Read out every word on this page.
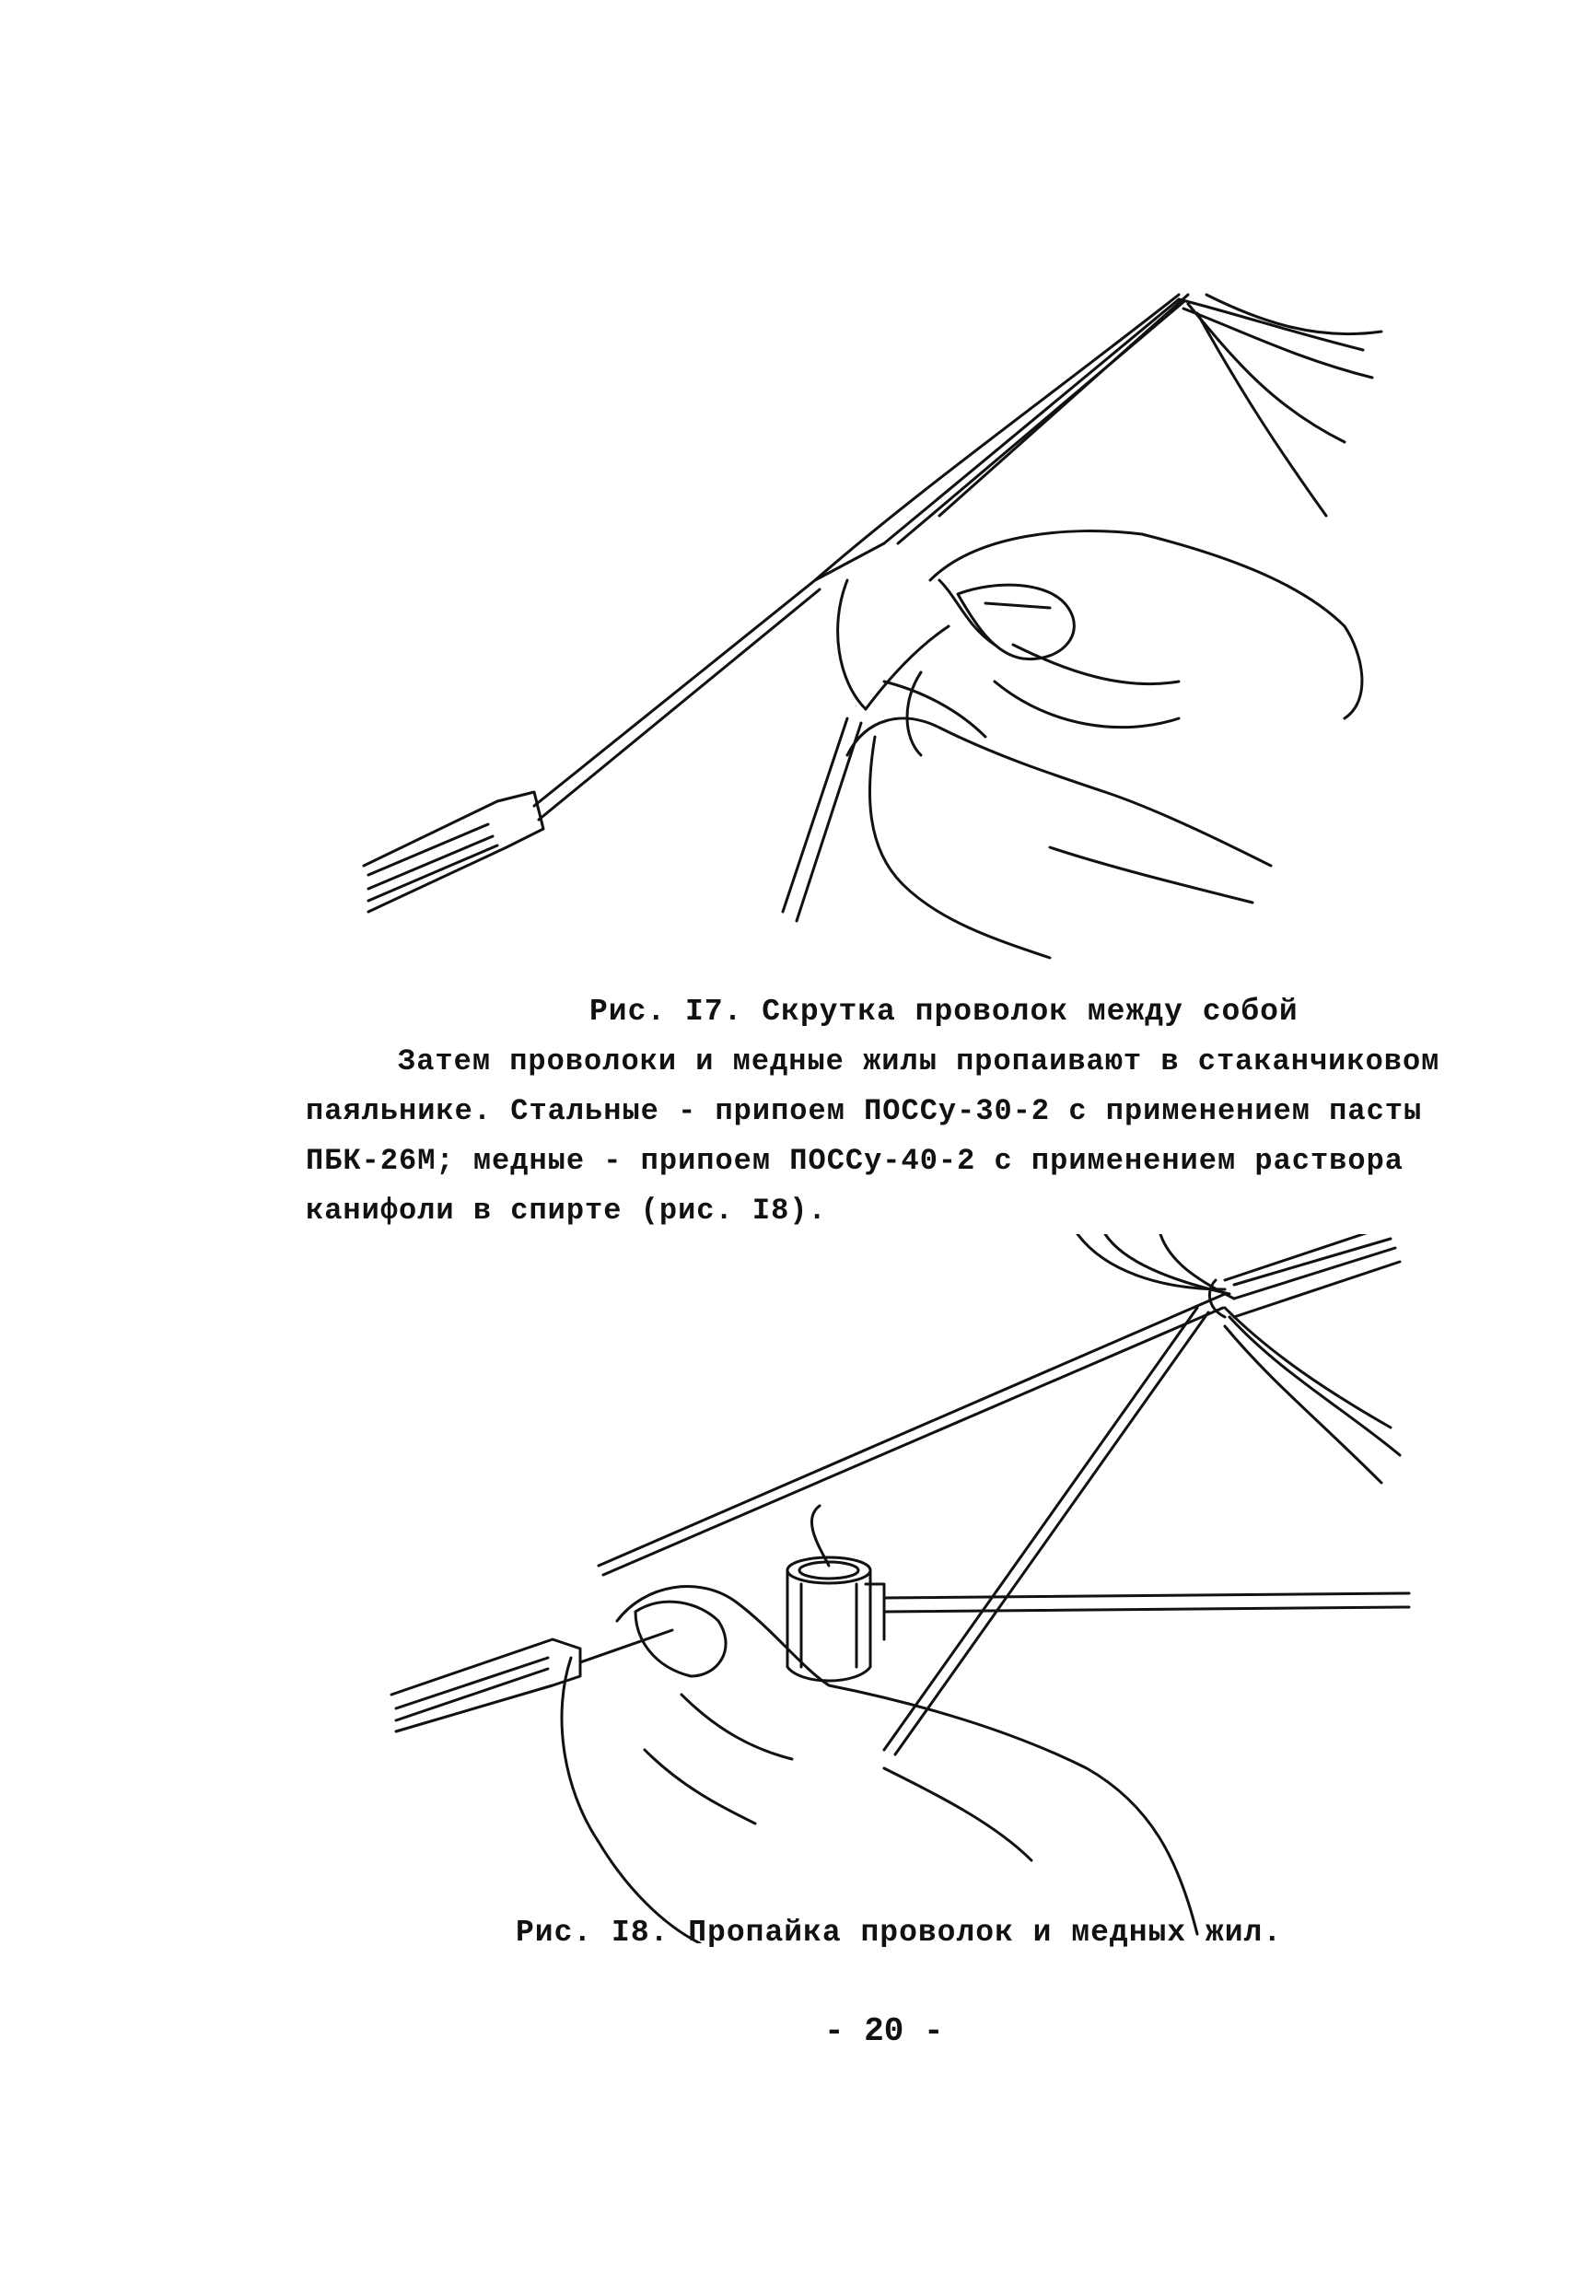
Рис. I7. Скрутка проволок между собой

Затем проволоки и медные жилы пропаивают в стаканчиковом

паяльнике. Стальные - припоем ПОССу-30-2 с применением пасты

ПБК-26М; медные - припоем ПОССу-40-2 с применением раствора

канифоли в спирте (рис. I8).

Рис. I8. Пропайка проволок и медных жил.
- 20 -
